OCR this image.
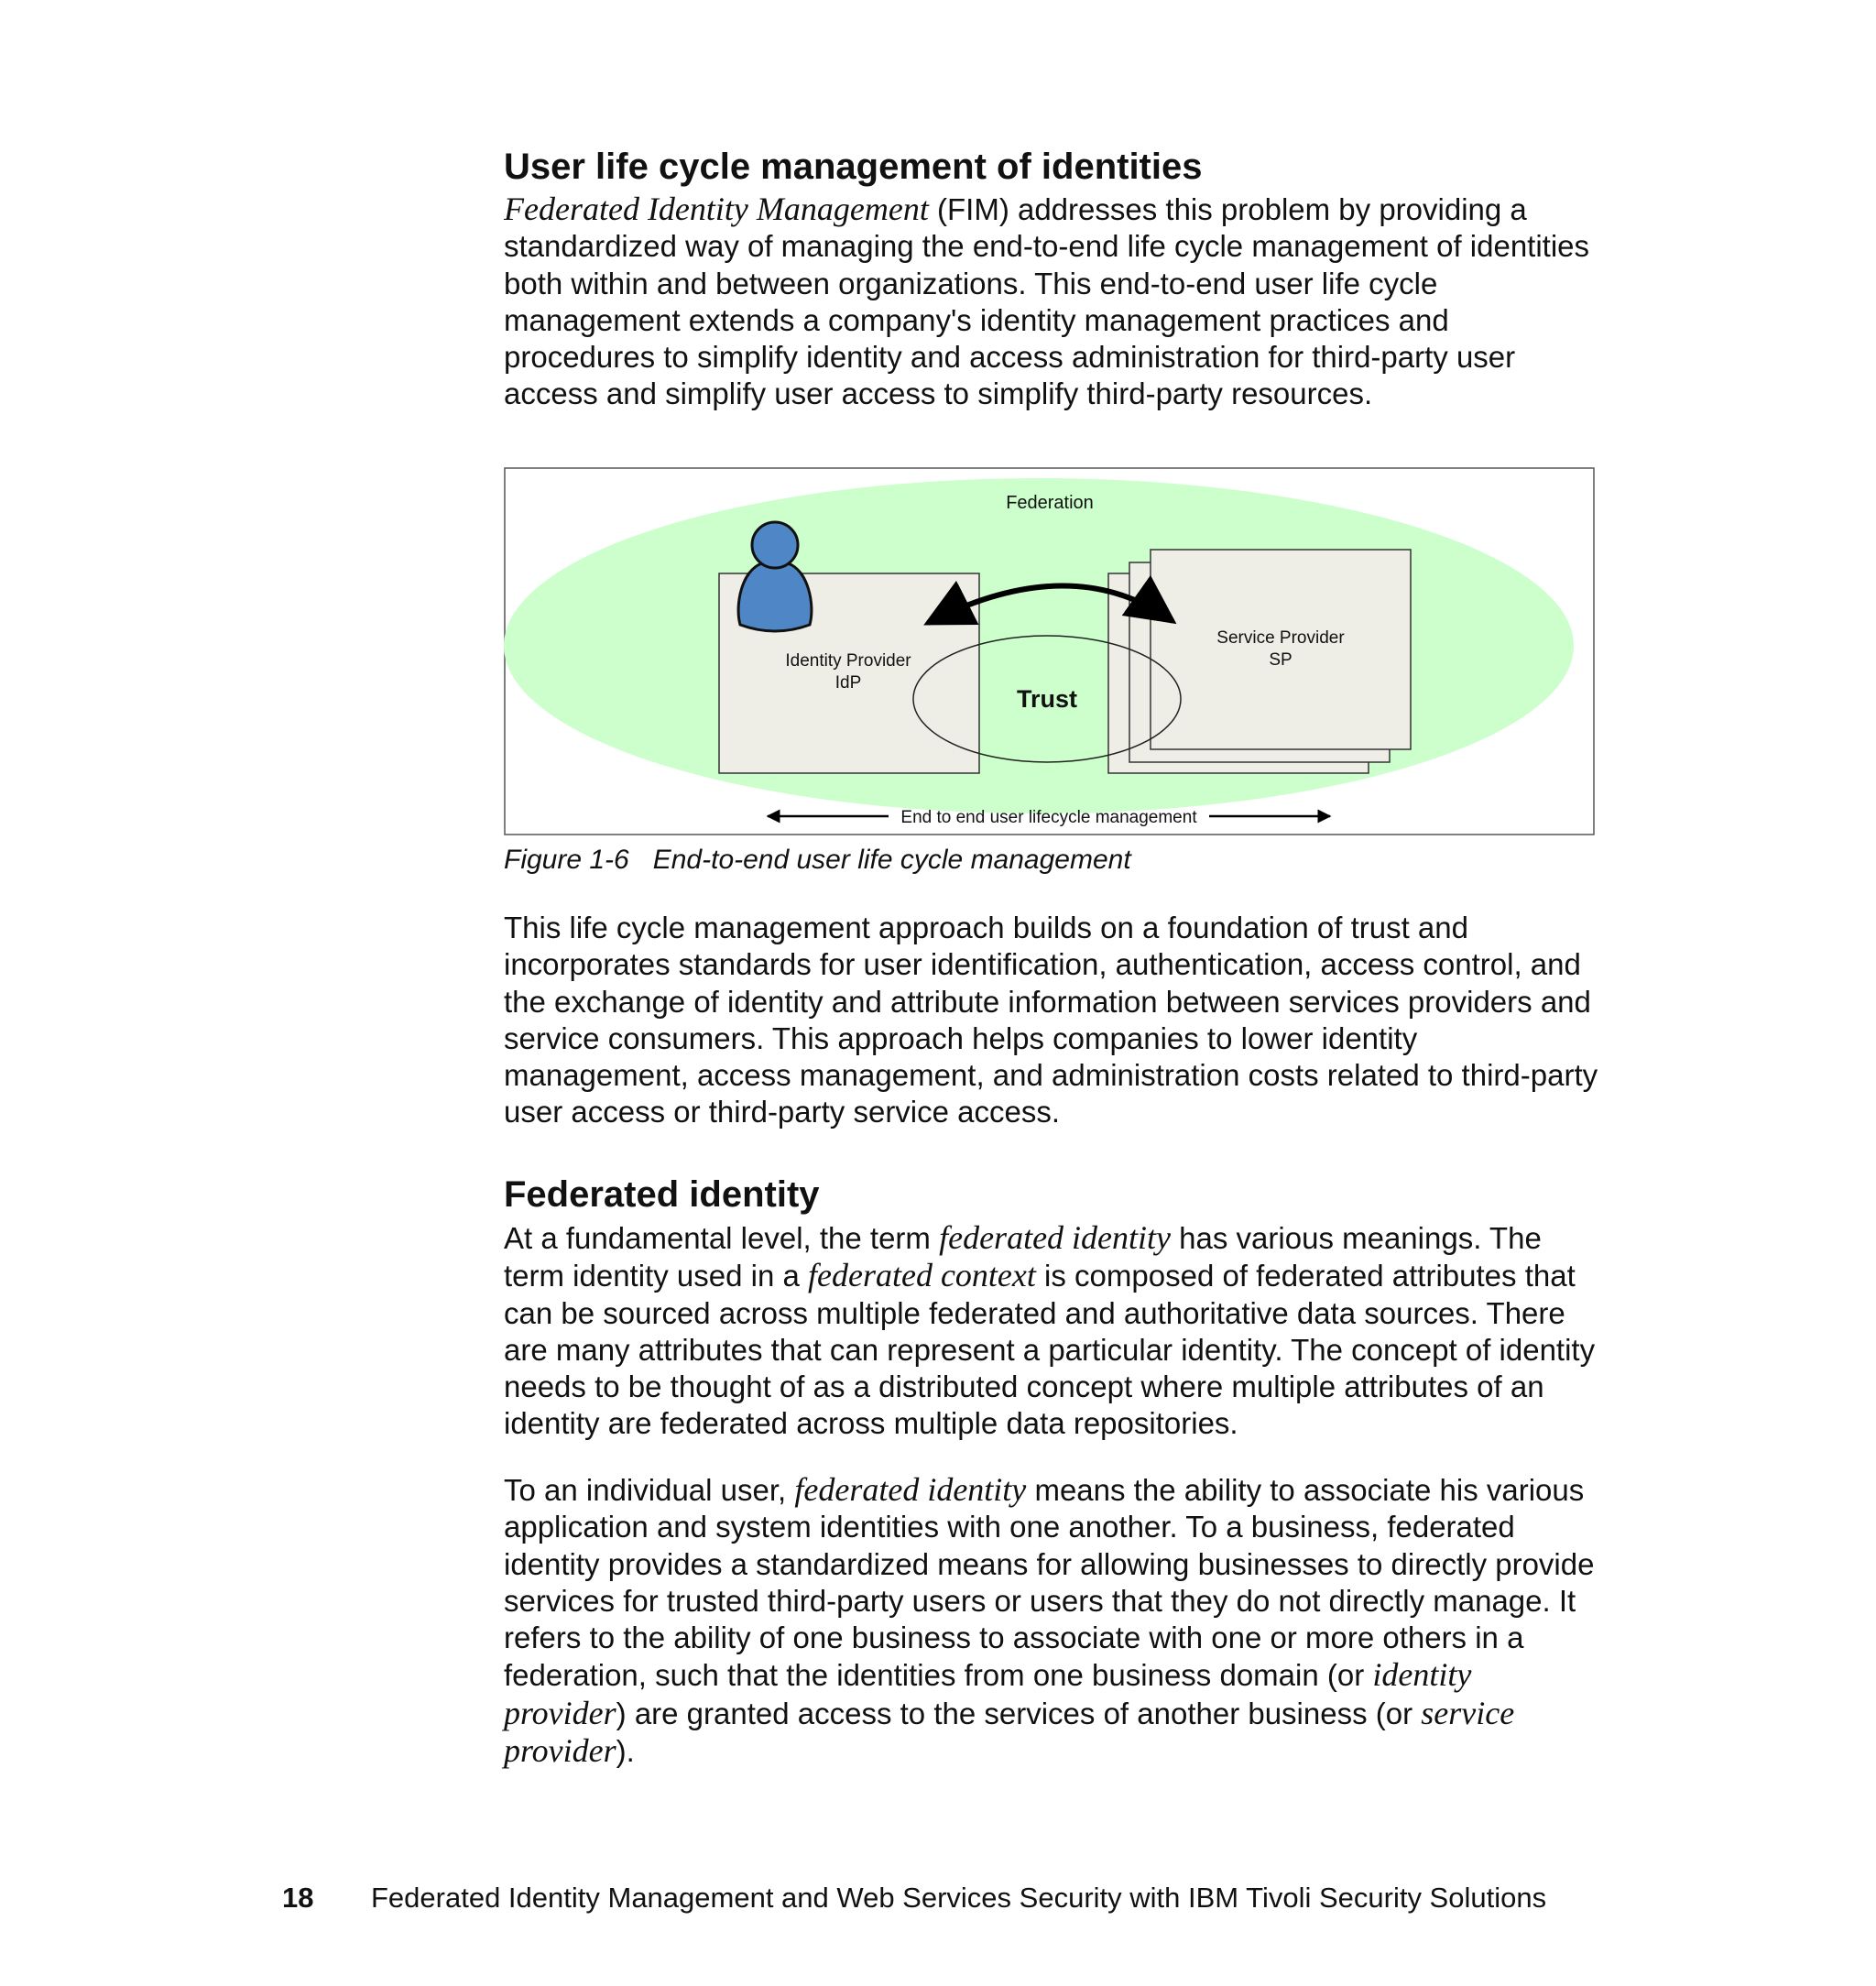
User life cycle management of identities

Federated Identity Management (FIM) addresses this problem by providing a standardized way of managing the end-to-end life cycle management of identities both within and between organizations. This end-to-end user life cycle management extends a company's identity management practices and procedures to simplify identity and access administration for third-party user access and simplify user access to simplify third-party resources.

Federation
Identity Provider
IdP
Service Provider
SP
Trust
End to end user lifecycle management
Figure 1-6 End-to-end user life cycle management

This life cycle management approach builds on a foundation of trust and incorporates standards for user identification, authentication, access control, and the exchange of identity and attribute information between services providers and service consumers. This approach helps companies to lower identity management, access management, and administration costs related to third-party user access or third-party service access.

Federated identity

At a fundamental level, the term federated identity has various meanings. The term identity used in a federated context is composed of federated attributes that can be sourced across multiple federated and authoritative data sources. There are many attributes that can represent a particular identity. The concept of identity needs to be thought of as a distributed concept where multiple attributes of an identity are federated across multiple data repositories.

To an individual user, federated identity means the ability to associate his various application and system identities with one another. To a business, federated identity provides a standardized means for allowing businesses to directly provide services for trusted third-party users or users that they do not directly manage. It refers to the ability of one business to associate with one or more others in a federation, such that the identities from one business domain (or identity provider) are granted access to the services of another business (or service provider).

18 Federated Identity Management and Web Services Security with IBM Tivoli Security Solutions
